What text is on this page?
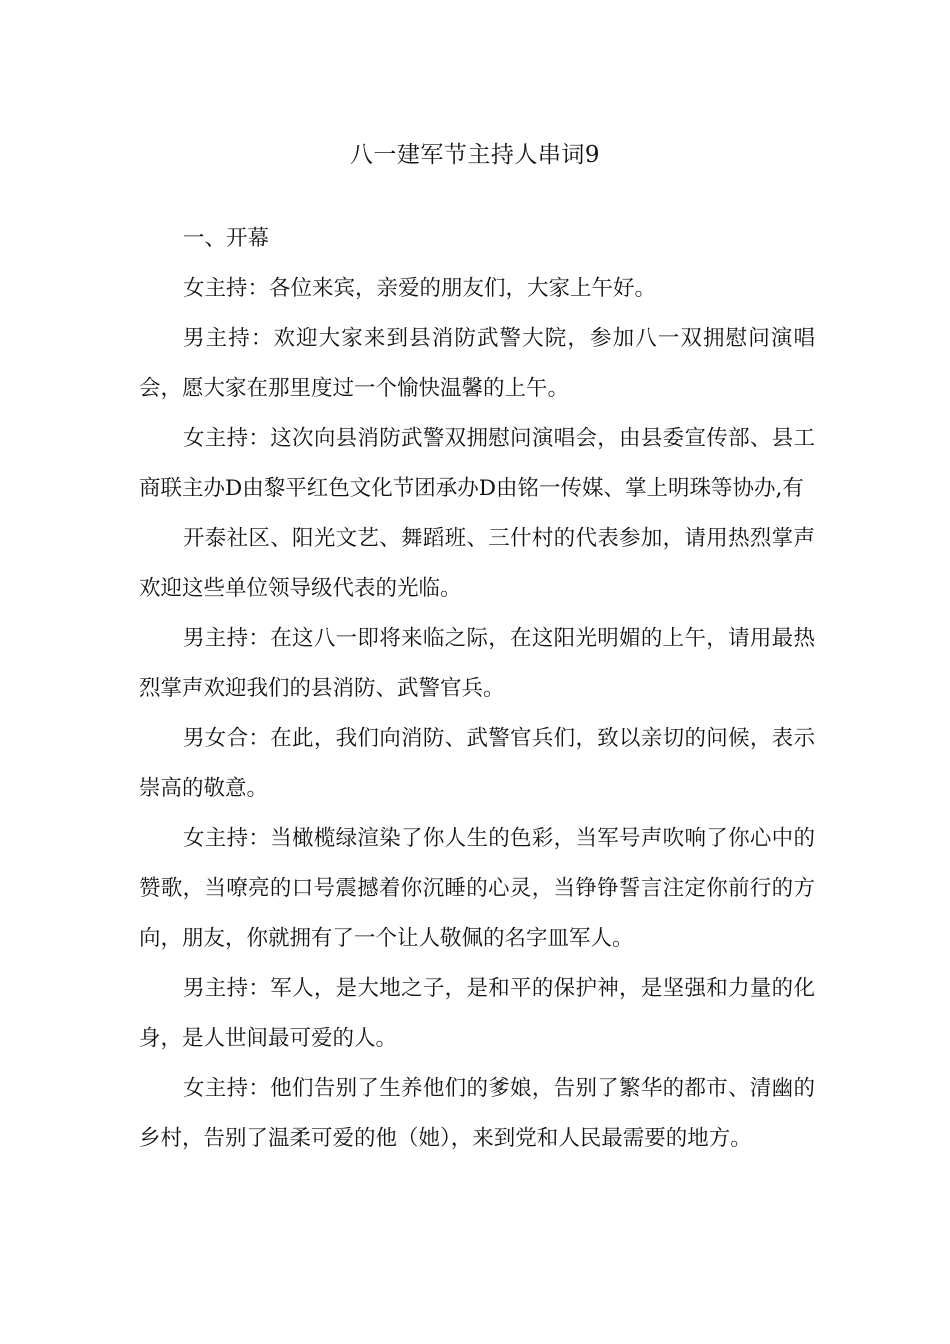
八一建军节主持人串词9

一、开幕

女主持：各位来宾，亲爱的朋友们，大家上午好。

男主持：欢迎大家来到县消防武警大院，参加八一双拥慰问演唱会，愿大家在那里度过一个愉快温馨的上午。

女主持：这次向县消防武警双拥慰问演唱会，由县委宣传部、县工商联主办D由黎平红色文化节团承办D由铭一传媒、掌上明珠等协办,有

开泰社区、阳光文艺、舞蹈班、三什村的代表参加，请用热烈掌声欢迎这些单位领导级代表的光临。

男主持：在这八一即将来临之际，在这阳光明媚的上午，请用最热烈掌声欢迎我们的县消防、武警官兵。

男女合：在此，我们向消防、武警官兵们，致以亲切的问候，表示崇高的敬意。

女主持：当橄榄绿渲染了你人生的色彩，当军号声吹响了你心中的赞歌，当嘹亮的口号震撼着你沉睡的心灵，当铮铮誓言注定你前行的方向，朋友，你就拥有了一个让人敬佩的名字皿军人。

男主持：军人，是大地之子，是和平的保护神，是坚强和力量的化身，是人世间最可爱的人。

女主持：他们告别了生养他们的爹娘，告别了繁华的都市、清幽的乡村，告别了温柔可爱的他（她），来到党和人民最需要的地方。
